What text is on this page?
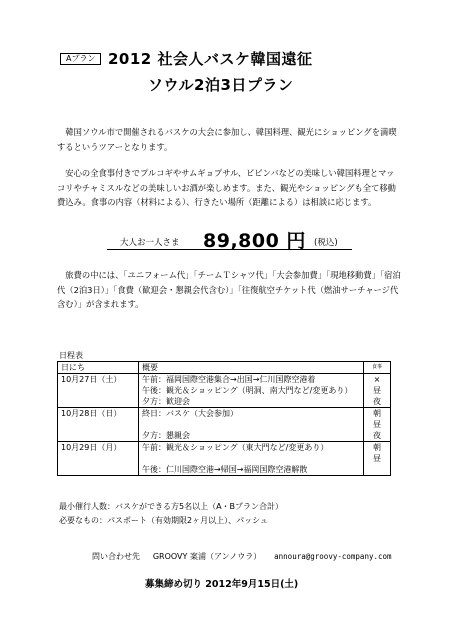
Aプラン 2012 社会人バスケ韓国遠征
ソウル2泊3日プラン
韓国ソウル市で開催されるバスケの大会に参加し、韓国料理、観光にショッピングを満喫するというツアーとなります。
安心の全食事付きでプルコギやサムギョプサル、ビビンバなどの美味しい韓国料理とマッコリやチャミスルなどの美味しいお酒が楽しめます。また、観光やショッピングも全て移動費込み。食事の内容（材料による）、行きたい場所（距離による）は相談に応じます。
大人お一人さま 89,800 円 (税込)
旅費の中には、「ユニフォーム代」「チームＴシャツ代」「大会参加費」「現地移動費」「宿泊代（2泊3日）」「食費（歓迎会・懇親会代含む）」「往復航空チケット代（燃油サーチャージ代含む）」が含まれます。
日程表
日にち	概要	食事
10月27日（土）	午前：福岡国際空港集合→出国→仁川国際空港着	×
	午後：観光＆ショッピング（明洞、南大門など/変更あり）	昼
	夕方：歓迎会	夜
10月28日（日）	終日：バスケ（大会参加）	朝
		昼
	夕方：懇親会	夜
10月29日（月）	午前：観光＆ショッピング（東大門など/変更あり）	朝
		昼
	午後：仁川国際空港→帰国→福岡国際空港解散	
最小催行人数：バスケができる方5名以上（A・Bプラン合計）
必要なもの：パスポート（有効期限2ヶ月以上）、パッシュ
問い合わせ先 GROOVY 案浦（アンノウラ） annoura@groovy-company.com
募集締め切り 2012年9月15日(土)
